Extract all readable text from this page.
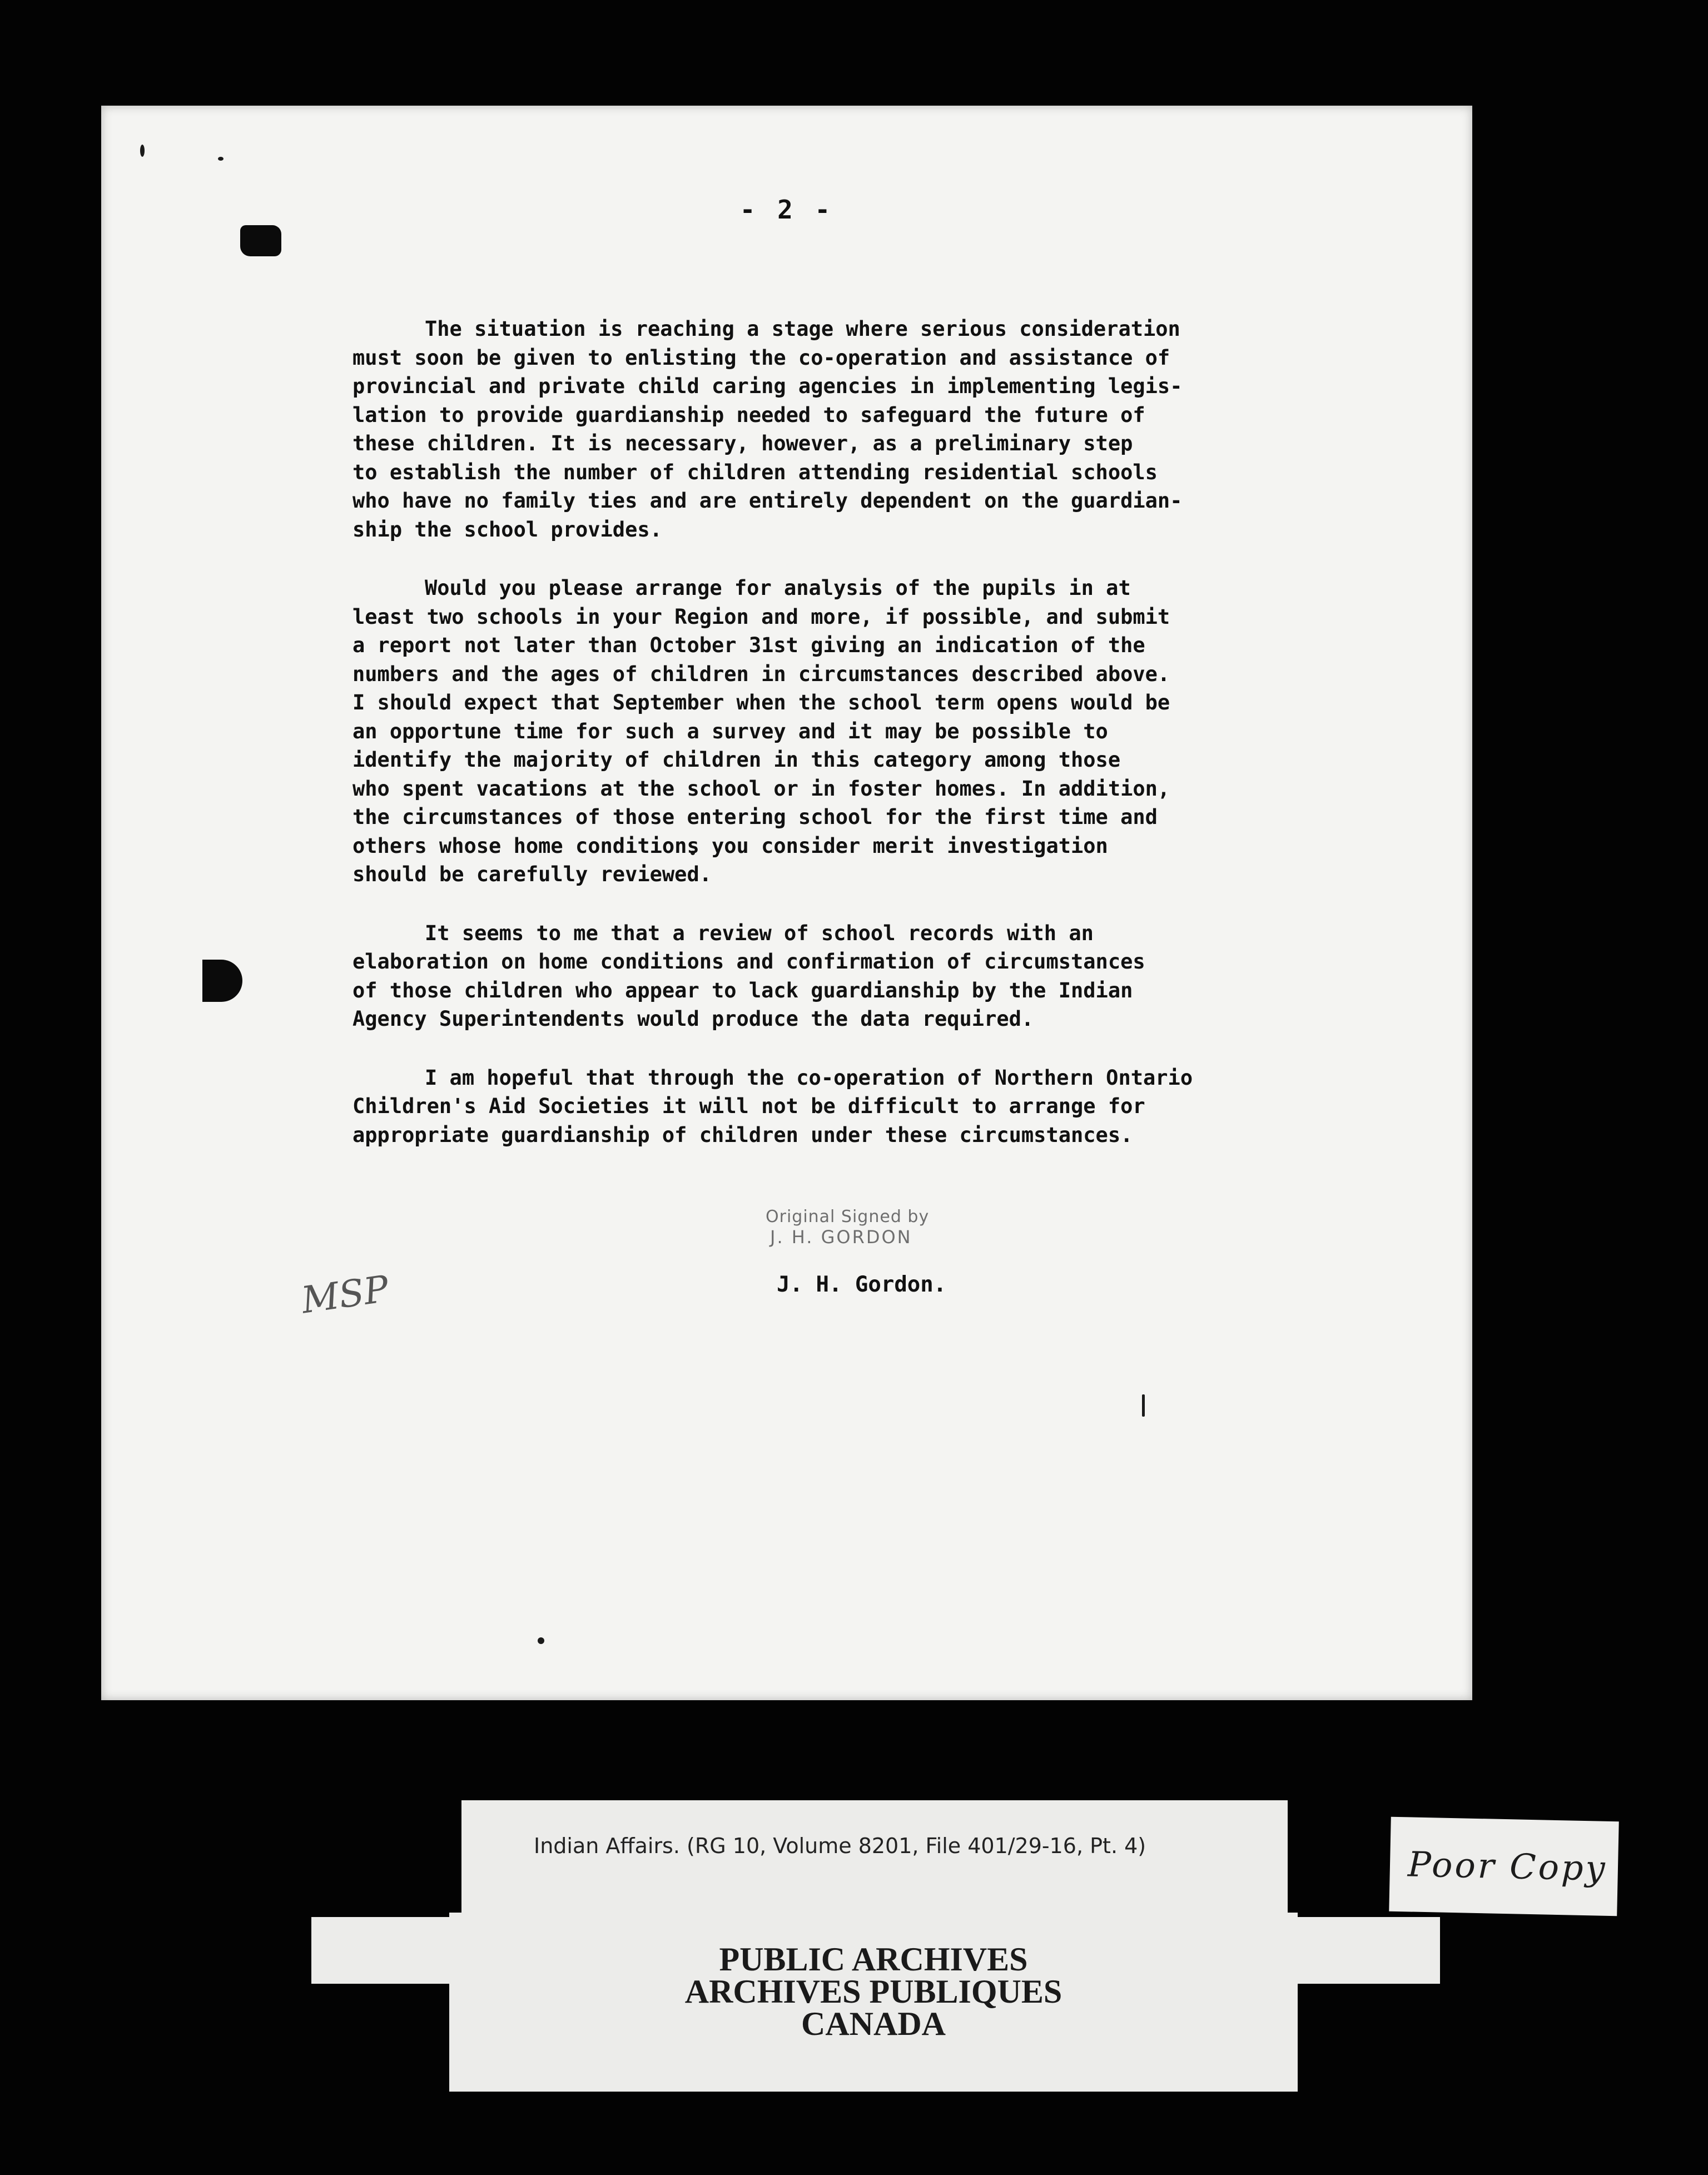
- 2 -
The situation is reaching a stage where serious consideration
must soon be given to enlisting the co-operation and assistance of
provincial and private child caring agencies in implementing legis-
lation to provide guardianship needed to safeguard the future of
these children. It is necessary, however, as a preliminary step
to establish the number of children attending residential schools
who have no family ties and are entirely dependent on the guardian-
ship the school provides.
Would you please arrange for analysis of the pupils in at
least two schools in your Region and more, if possible, and submit
a report not later than October 31st giving an indication of the
numbers and the ages of children in circumstances described above.
I should expect that September when the school term opens would be
an opportune time for such a survey and it may be possible to
identify the majority of children in this category among those
who spent vacations at the school or in foster homes. In addition,
the circumstances of those entering school for the first time and
others whose home conditions you consider merit investigation
should be carefully reviewed.
It seems to me that a review of school records with an
elaboration on home conditions and confirmation of circumstances
of those children who appear to lack guardianship by the Indian
Agency Superintendents would produce the data required.
I am hopeful that through the co-operation of Northern Ontario
Children's Aid Societies it will not be difficult to arrange for
appropriate guardianship of children under these circumstances.
Original Signed by
J. H. GORDON
J. H. Gordon.
MSP
Indian Affairs. (RG 10, Volume 8201, File 401/29-16, Pt. 4)
PUBLIC ARCHIVES
ARCHIVES PUBLIQUES
CANADA
Poor Copy
